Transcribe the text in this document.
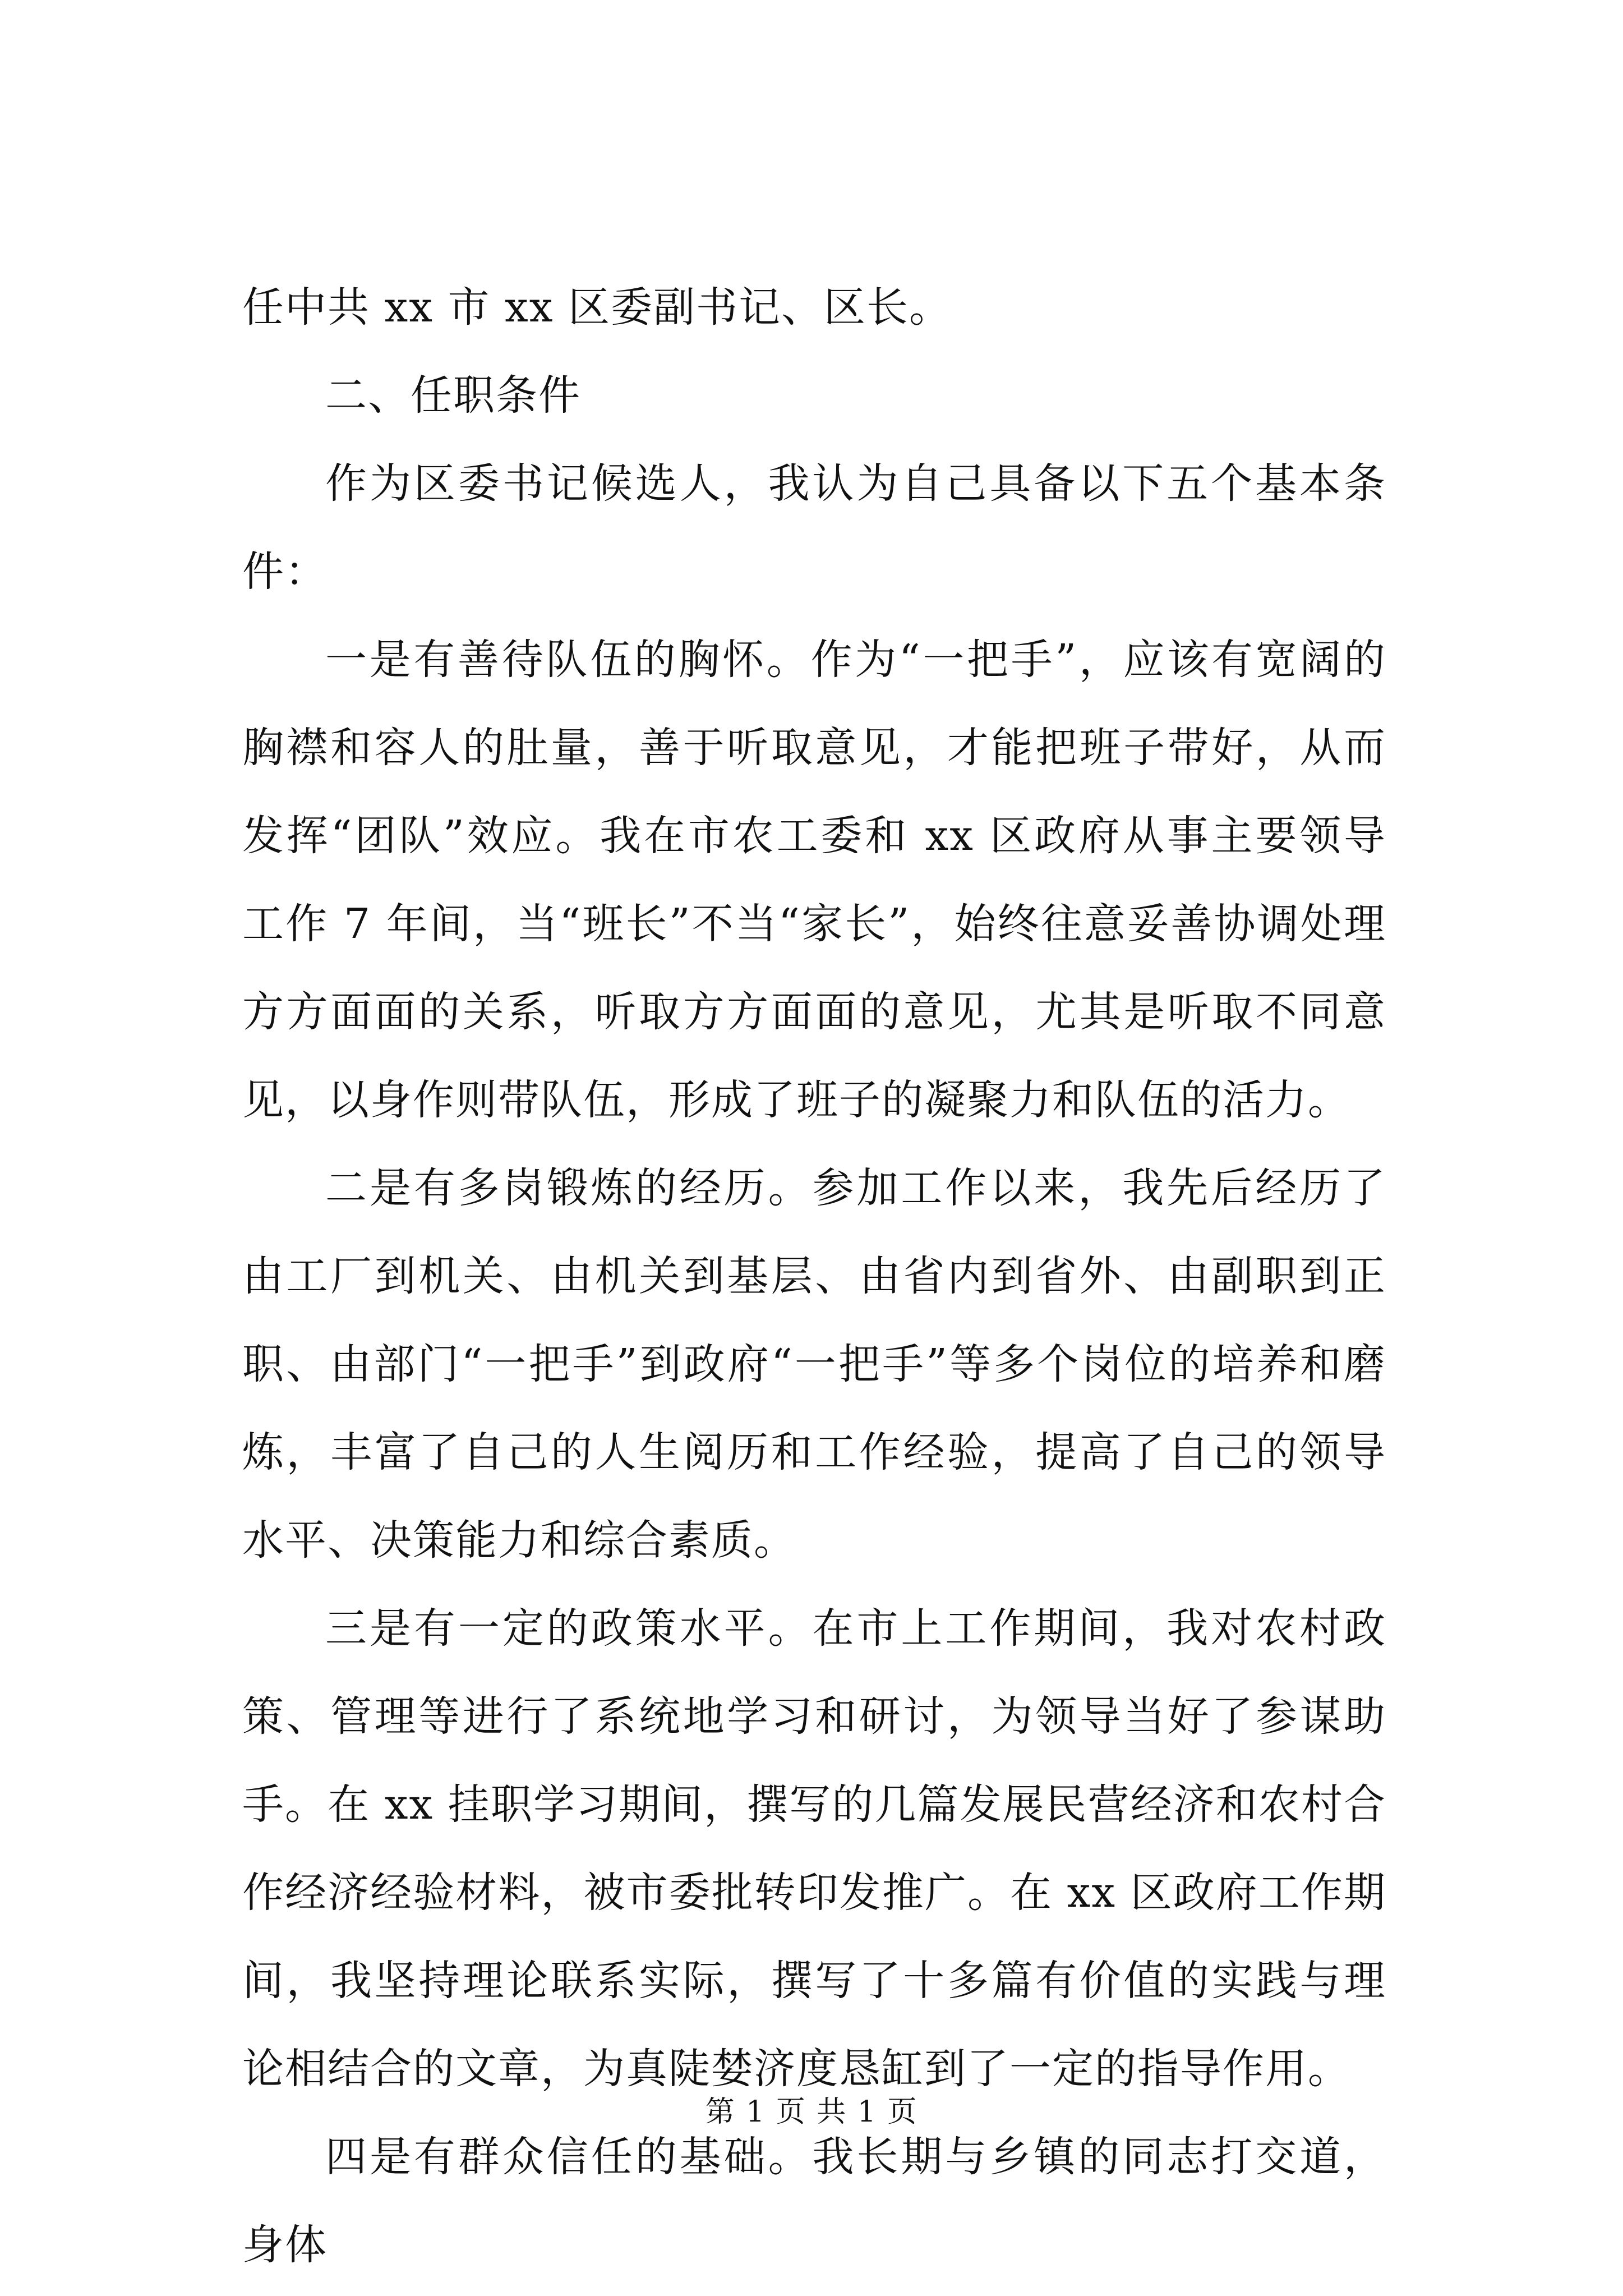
任中共 xx 市 xx 区委副书记、区长。

二、任职条件

作为区委书记候选人，我认为自己具备以下五个基本条件：

一是有善待队伍的胸怀。作为“一把手”，应该有宽阔的胸襟和容人的肚量，善于听取意见，才能把班子带好，从而发挥“团队”效应。我在市农工委和 xx 区政府从事主要领导工作 7 年间，当“班长”不当“家长”，始终往意妥善协调处理方方面面的关系，听取方方面面的意见，尤其是听取不同意见，以身作则带队伍，形成了班子的凝聚力和队伍的活力。

二是有多岗锻炼的经历。参加工作以来，我先后经历了由工厂到机关、由机关到基层、由省内到省外、由副职到正职、由部门“一把手”到政府“一把手”等多个岗位的培养和磨炼，丰富了自己的人生阅历和工作经验，提高了自己的领导水平、决策能力和综合素质。

三是有一定的政策水平。在市上工作期间，我对农村政策、管理等进行了系统地学习和研讨，为领导当好了参谋助手。在 xx 挂职学习期间，撰写的几篇发展民营经济和农村合作经济经验材料，被市委批转印发推广。在 xx 区政府工作期间，我坚持理论联系实际，撰写了十多篇有价值的实践与理论相结合的文章，为真陡婪济度恳缸到了一定的指导作用。

四是有群众信任的基础。我长期与乡镇的同志打交道，身体

第 1 页 共 1 页
